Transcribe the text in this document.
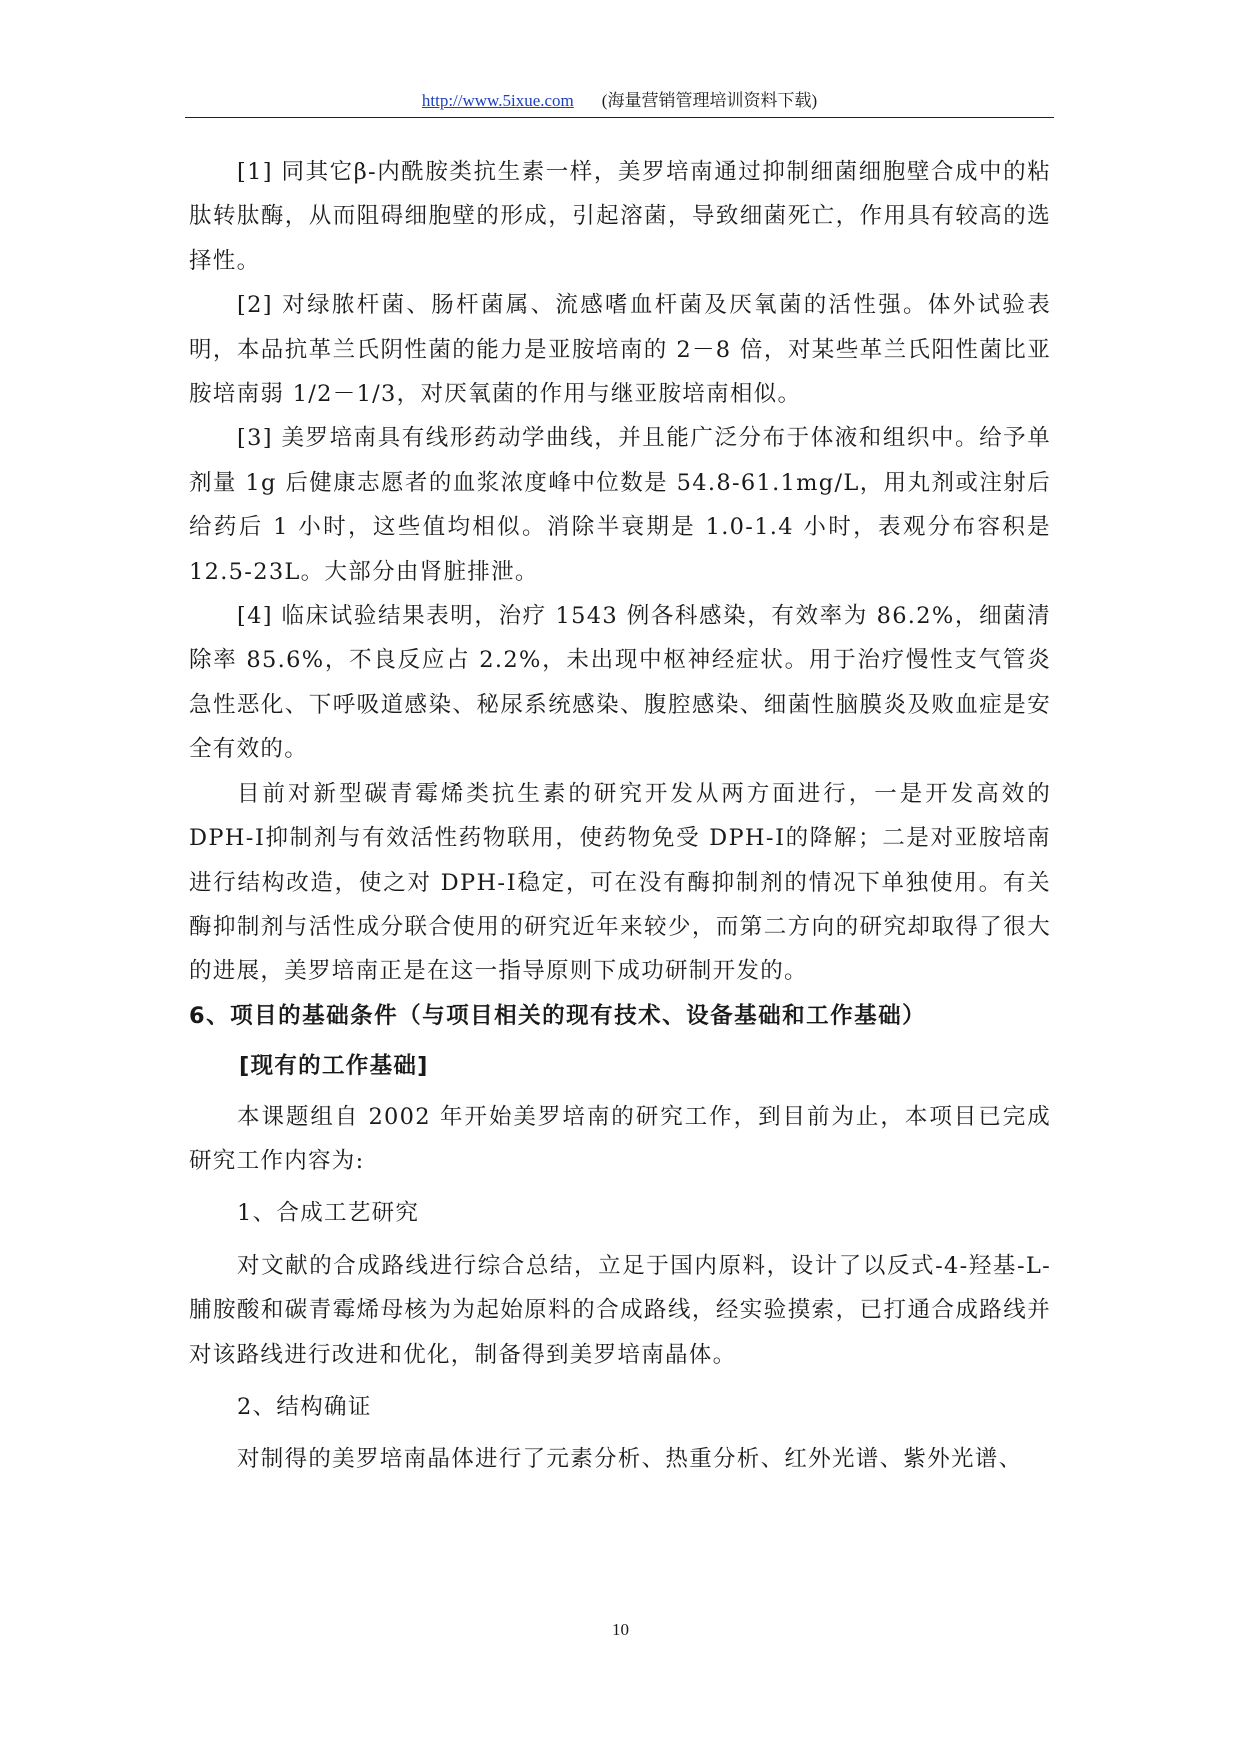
http://www.5ixue.com (海量营销管理培训资料下载)

[1] 同其它β-内酰胺类抗生素一样，美罗培南通过抑制细菌细胞壁合成中的粘肽转肽酶，从而阻碍细胞壁的形成，引起溶菌，导致细菌死亡，作用具有较高的选择性。

[2] 对绿脓杆菌、肠杆菌属、流感嗜血杆菌及厌氧菌的活性强。体外试验表明，本品抗革兰氏阴性菌的能力是亚胺培南的 2－8 倍，对某些革兰氏阳性菌比亚胺培南弱 1/2－1/3，对厌氧菌的作用与继亚胺培南相似。

[3] 美罗培南具有线形药动学曲线，并且能广泛分布于体液和组织中。给予单剂量 1g 后健康志愿者的血浆浓度峰中位数是 54.8-61.1mg/L，用丸剂或注射后给药后 1 小时，这些值均相似。消除半衰期是 1.0-1.4 小时，表观分布容积是12.5-23L。大部分由肾脏排泄。

[4] 临床试验结果表明，治疗 1543 例各科感染，有效率为 86.2%，细菌清除率 85.6%，不良反应占 2.2%，未出现中枢神经症状。用于治疗慢性支气管炎急性恶化、下呼吸道感染、秘尿系统感染、腹腔感染、细菌性脑膜炎及败血症是安全有效的。

目前对新型碳青霉烯类抗生素的研究开发从两方面进行，一是开发高效的 DPH-Ⅰ抑制剂与有效活性药物联用，使药物免受 DPH-Ⅰ的降解；二是对亚胺培南进行结构改造，使之对 DPH-Ⅰ稳定，可在没有酶抑制剂的情况下单独使用。有关酶抑制剂与活性成分联合使用的研究近年来较少，而第二方向的研究却取得了很大的进展，美罗培南正是在这一指导原则下成功研制开发的。

6、项目的基础条件（与项目相关的现有技术、设备基础和工作基础）

[现有的工作基础]

本课题组自 2002 年开始美罗培南的研究工作，到目前为止，本项目已完成研究工作内容为:

1、合成工艺研究

对文献的合成路线进行综合总结，立足于国内原料，设计了以反式-4-羟基-L-脯胺酸和碳青霉烯母核为为起始原料的合成路线，经实验摸索，已打通合成路线并对该路线进行改进和优化，制备得到美罗培南晶体。

2、结构确证

对制得的美罗培南晶体进行了元素分析、热重分析、红外光谱、紫外光谱、

10
